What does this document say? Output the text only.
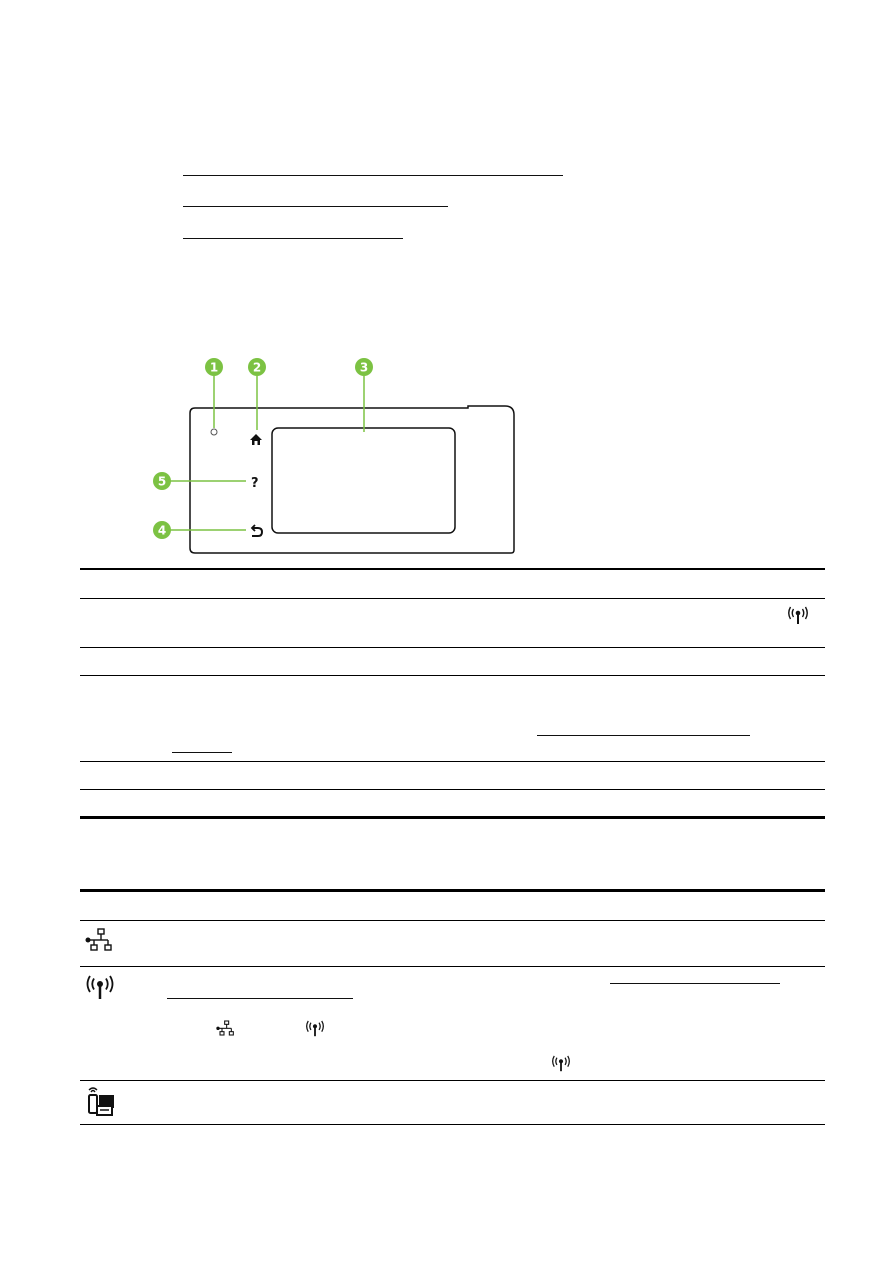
?
1	2	3
5
4
